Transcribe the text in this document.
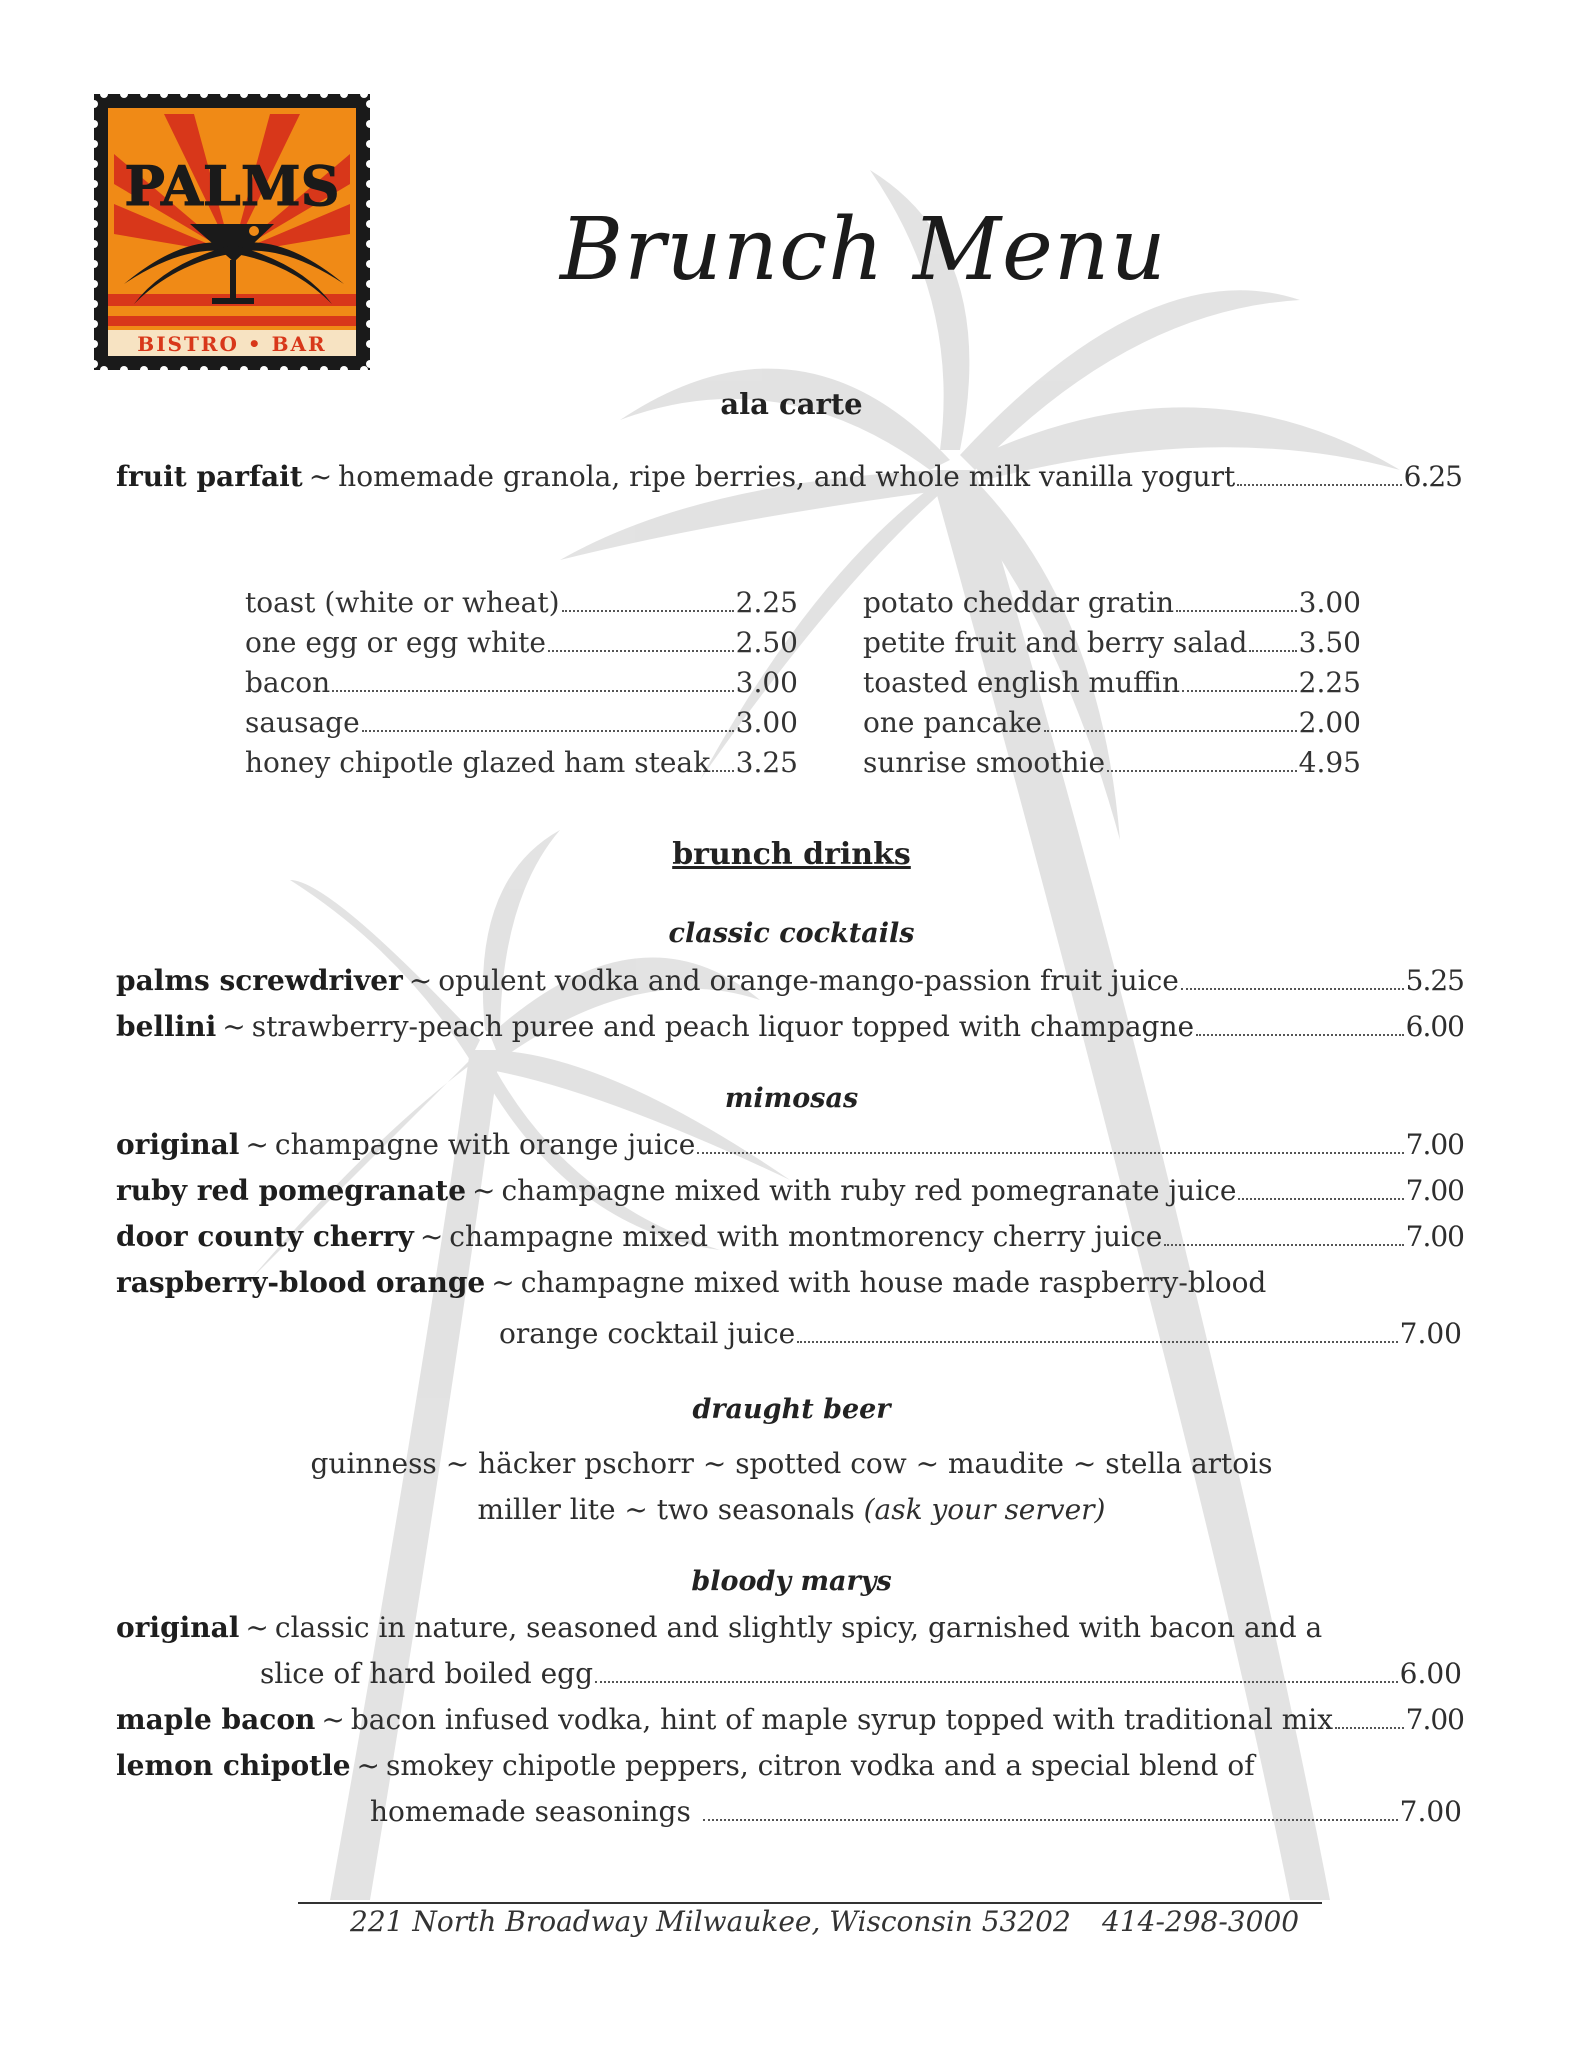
PALMS
BISTRO • BAR
Brunch Menu
ala carte
fruit parfait ~ homemade granola, ripe berries, and whole milk vanilla yogurt	6.25
toast (white or wheat)	2.25
one egg or egg white	2.50
bacon	3.00
sausage	3.00
honey chipotle glazed ham steak 3.25
potato cheddar gratin	3.00
petite fruit and berry salad 3.50
toasted english muffin	2.25
one pancake	2.00
sunrise smoothie	4.95
brunch drinks
classic cocktails
palms screwdriver ~ opulent vodka and orange-mango-passion fruit juice	5.25
bellini ~ strawberry-peach puree and peach liquor topped with champagne	6.00
mimosas
original ~ champagne with orange juice	7.00
ruby red pomegranate ~ champagne mixed with ruby red pomegranate juice	7.00
door county cherry ~ champagne mixed with montmorency cherry juice	7.00
raspberry-blood orange ~ champagne mixed with house made raspberry-blood
orange cocktail juice	7.00
draught beer
guinness ~ häcker pschorr ~ spotted cow ~ maudite ~ stella artois
miller lite ~ two seasonals (ask your server)
bloody marys
original ~ classic in nature, seasoned and slightly spicy, garnished with bacon and a
slice of hard boiled egg	6.00
maple bacon ~ bacon infused vodka, hint of maple syrup topped with traditional mix	7.00
lemon chipotle ~ smokey chipotle peppers, citron vodka and a special blend of
homemade seasonings	7.00
221 North Broadway Milwaukee, Wisconsin 53202 414-298-3000
